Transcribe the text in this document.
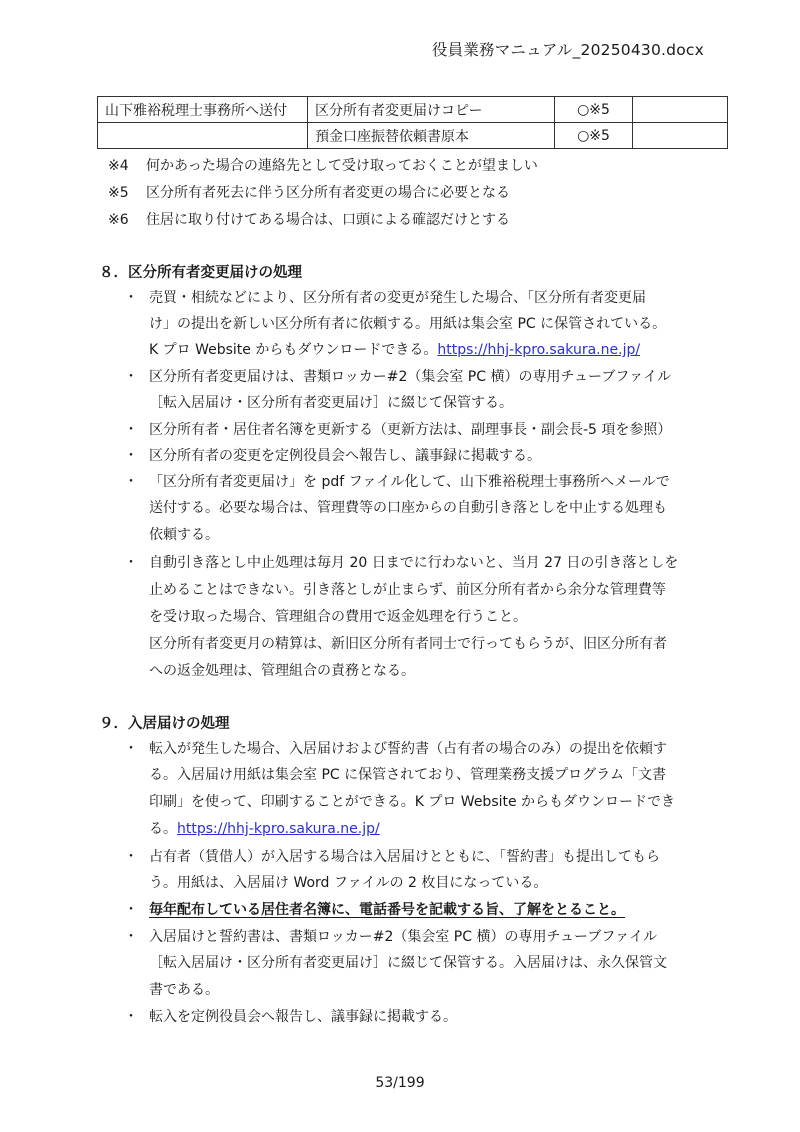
役員業務マニュアル_20250430.docx
山下雅裕税理士事務所へ送付	区分所有者変更届けコピー	○※5	
	預金口座振替依頼書原本	○※5	
※4 何かあった場合の連絡先として受け取っておくことが望ましい
※5 区分所有者死去に伴う区分所有者変更の場合に必要となる
※6 住居に取り付けてある場合は、口頭による確認だけとする
８．区分所有者変更届けの処理
・ 売買・相続などにより、区分所有者の変更が発生した場合、「区分所有者変更届
け」の提出を新しい区分所有者に依頼する。用紙は集会室 PC に保管されている。
K プロ Website からもダウンロードできる。https://hhj-kpro.sakura.ne.jp/
・ 区分所有者変更届けは、書類ロッカー#2（集会室 PC 横）の専用チューブファイル
［転入居届け・区分所有者変更届け］に綴じて保管する。
・ 区分所有者・居住者名簿を更新する（更新方法は、副理事長・副会長-5 項を参照）
・ 区分所有者の変更を定例役員会へ報告し、議事録に掲載する。
・ 「区分所有者変更届け」を pdf ファイル化して、山下雅裕税理士事務所へメールで
送付する。必要な場合は、管理費等の口座からの自動引き落としを中止する処理も
依頼する。
・ 自動引き落とし中止処理は毎月 20 日までに行わないと、当月 27 日の引き落としを
止めることはできない。引き落としが止まらず、前区分所有者から余分な管理費等
を受け取った場合、管理組合の費用で返金処理を行うこと。
区分所有者変更月の精算は、新旧区分所有者同士で行ってもらうが、旧区分所有者
への返金処理は、管理組合の責務となる。
９．入居届けの処理
・ 転入が発生した場合、入居届けおよび誓約書（占有者の場合のみ）の提出を依頼す
る。入居届け用紙は集会室 PC に保管されており、管理業務支援プログラム「文書
印刷」を使って、印刷することができる。K プロ Website からもダウンロードでき
る。https://hhj-kpro.sakura.ne.jp/
・ 占有者（賃借人）が入居する場合は入居届けとともに、「誓約書」も提出してもら
う。用紙は、入居届け Word ファイルの 2 枚目になっている。
・ 毎年配布している居住者名簿に、電話番号を記載する旨、了解をとること。
・ 入居届けと誓約書は、書類ロッカー#2（集会室 PC 横）の専用チューブファイル
［転入居届け・区分所有者変更届け］に綴じて保管する。入居届けは、永久保管文
書である。
・ 転入を定例役員会へ報告し、議事録に掲載する。
53/199
